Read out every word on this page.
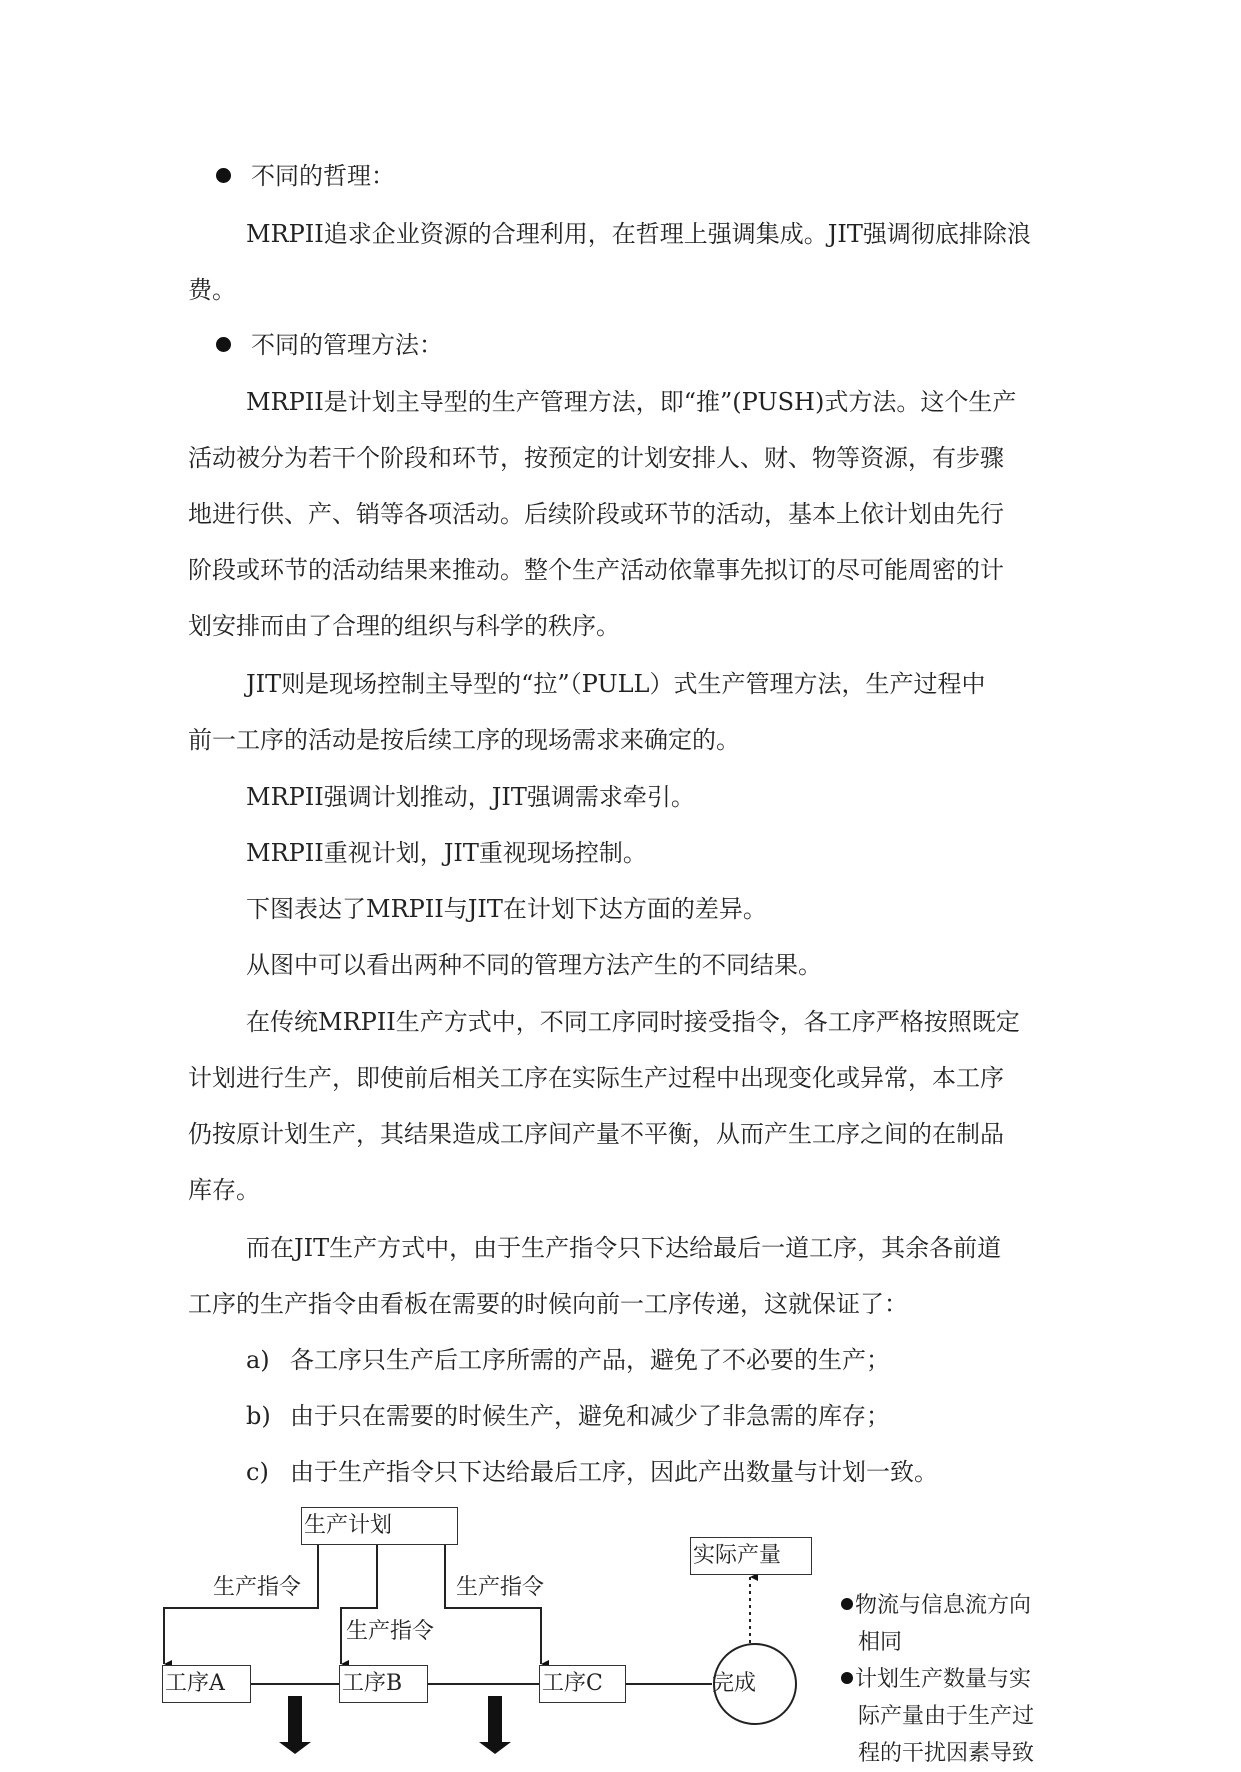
不同的哲理：
MRPII追求企业资源的合理利用，在哲理上强调集成。JIT强调彻底排除浪
费。
不同的管理方法：
MRPII是计划主导型的生产管理方法，即“推”(PUSH)式方法。这个生产
活动被分为若干个阶段和环节，按预定的计划安排人、财、物等资源，有步骤
地进行供、产、销等各项活动。后续阶段或环节的活动，基本上依计划由先行
阶段或环节的活动结果来推动。整个生产活动依靠事先拟订的尽可能周密的计
划安排而由了合理的组织与科学的秩序。
JIT则是现场控制主导型的“拉”（PULL）式生产管理方法，生产过程中
前一工序的活动是按后续工序的现场需求来确定的。
MRPII强调计划推动，JIT强调需求牵引。
MRPII重视计划，JIT重视现场控制。
下图表达了MRPII与JIT在计划下达方面的差异。
从图中可以看出两种不同的管理方法产生的不同结果。
在传统MRPII生产方式中，不同工序同时接受指令，各工序严格按照既定
计划进行生产，即使前后相关工序在实际生产过程中出现变化或异常，本工序
仍按原计划生产，其结果造成工序间产量不平衡，从而产生工序之间的在制品
库存。
而在JIT生产方式中，由于生产指令只下达给最后一道工序，其余各前道
工序的生产指令由看板在需要的时候向前一工序传递，这就保证了：
a) 各工序只生产后工序所需的产品，避免了不必要的生产；
b) 由于只在需要的时候生产，避免和减少了非急需的库存；
c) 由于生产指令只下达给最后工序，因此产出数量与计划一致。
生产计划
实际产量
生产指令
生产指令
生产指令
工序A	工序B	工序C	完成
物流与信息流方向
相同
计划生产数量与实
际产量由于生产过
程的干扰因素导致
